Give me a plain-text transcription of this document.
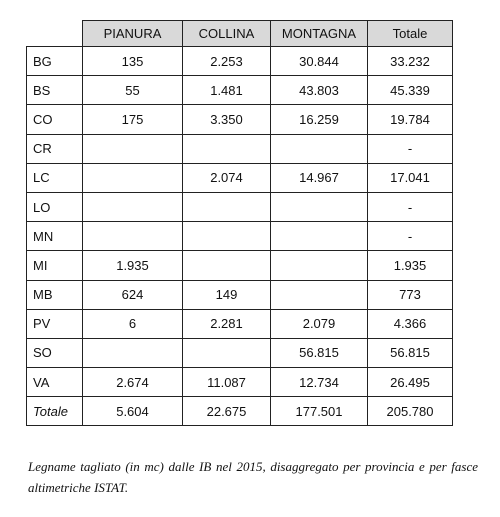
	PIANURA	COLLINA	MONTAGNA	Totale
BG	135	2.253	30.844	33.232
BS	55	1.481	43.803	45.339
CO	175	3.350	16.259	19.784
CR				-
LC		2.074	14.967	17.041
LO				-
MN				-
MI	1.935			1.935
MB	624	149		773
PV	6	2.281	2.079	4.366
SO			56.815	56.815
VA	2.674	11.087	12.734	26.495
Totale	5.604	22.675	177.501	205.780
Legname tagliato (in mc) dalle IB nel 2015, disaggregato per provincia e per fasce altimetriche ISTAT.
